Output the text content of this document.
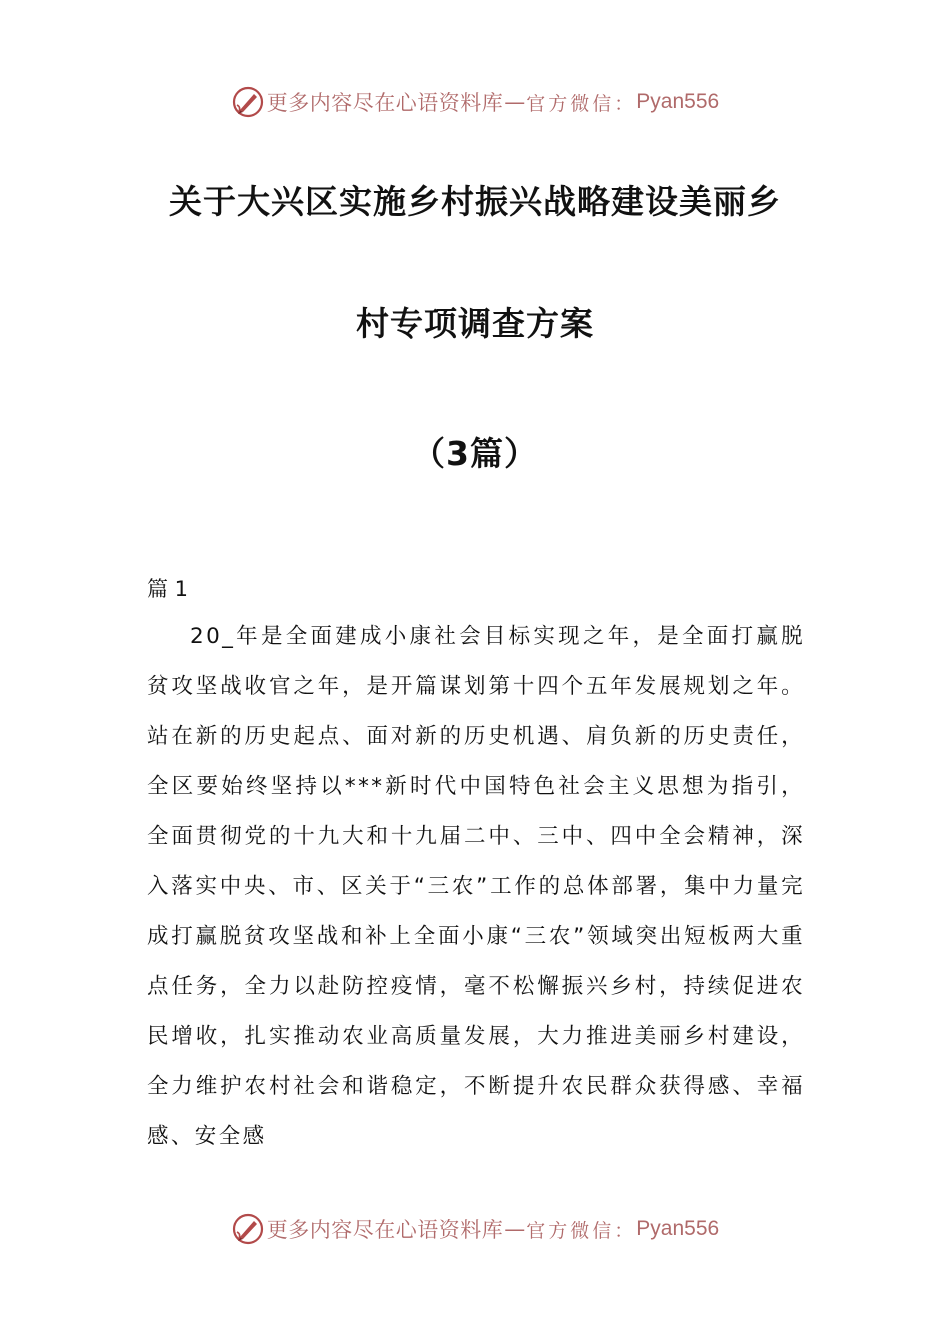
更多内容尽在心语资料库 — 官方微信： Pyan556
关于大兴区实施乡村振兴战略建设美丽乡
村专项调查方案
（3篇）
篇 1

20_年是全面建成小康社会目标实现之年，是全面打赢脱贫攻坚战收官之年，是开篇谋划第十四个五年发展规划之年。站在新的历史起点、面对新的历史机遇、肩负新的历史责任，全区要始终坚持以***新时代中国特色社会主义思想为指引，全面贯彻党的十九大和十九届二中、三中、四中全会精神，深入落实中央、市、区关于“三农”工作的总体部署，集中力量完成打赢脱贫攻坚战和补上全面小康“三农”领域突出短板两大重点任务，全力以赴防控疫情，毫不松懈振兴乡村，持续促进农民增收，扎实推动农业高质量发展，大力推进美丽乡村建设，全力维护农村社会和谐稳定，不断提升农民群众获得感、幸福感、安全感

更多内容尽在心语资料库 — 官方微信： Pyan556
